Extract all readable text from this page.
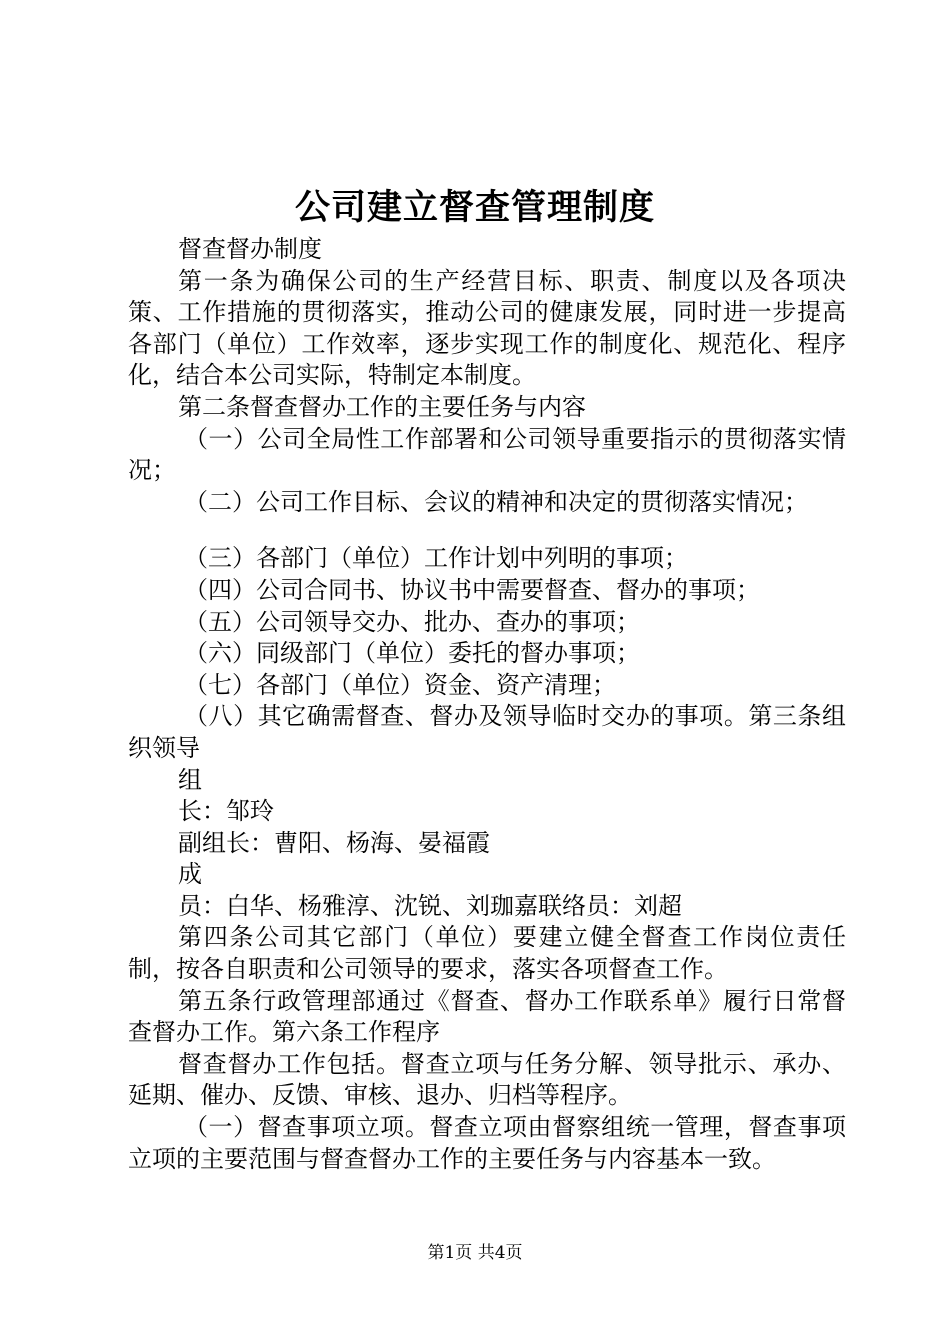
公司建立督查管理制度

督查督办制度

第一条为确保公司的生产经营目标、职责、制度以及各项决策、工作措施的贯彻落实，推动公司的健康发展，同时进一步提高各部门（单位）工作效率，逐步实现工作的制度化、规范化、程序化，结合本公司实际，特制定本制度。

第二条督查督办工作的主要任务与内容

（一）公司全局性工作部署和公司领导重要指示的贯彻落实情况；

（二）公司工作目标、会议的精神和决定的贯彻落实情况；

（三）各部门（单位）工作计划中列明的事项；

（四）公司合同书、协议书中需要督查、督办的事项；

（五）公司领导交办、批办、查办的事项；

（六）同级部门（单位）委托的督办事项；

（七）各部门（单位）资金、资产清理；

（八）其它确需督查、督办及领导临时交办的事项。第三条组织领导

组

长：邹玲

副组长：曹阳、杨海、晏福霞

成

员：白华、杨雅淳、沈锐、刘珈嘉联络员：刘超

第四条公司其它部门（单位）要建立健全督查工作岗位责任制，按各自职责和公司领导的要求，落实各项督查工作。

第五条行政管理部通过《督查、督办工作联系单》履行日常督查督办工作。第六条工作程序

督查督办工作包括。督查立项与任务分解、领导批示、承办、延期、催办、反馈、审核、退办、归档等程序。

（一）督查事项立项。督查立项由督察组统一管理，督查事项立项的主要范围与督查督办工作的主要任务与内容基本一致。

第1页 共4页
